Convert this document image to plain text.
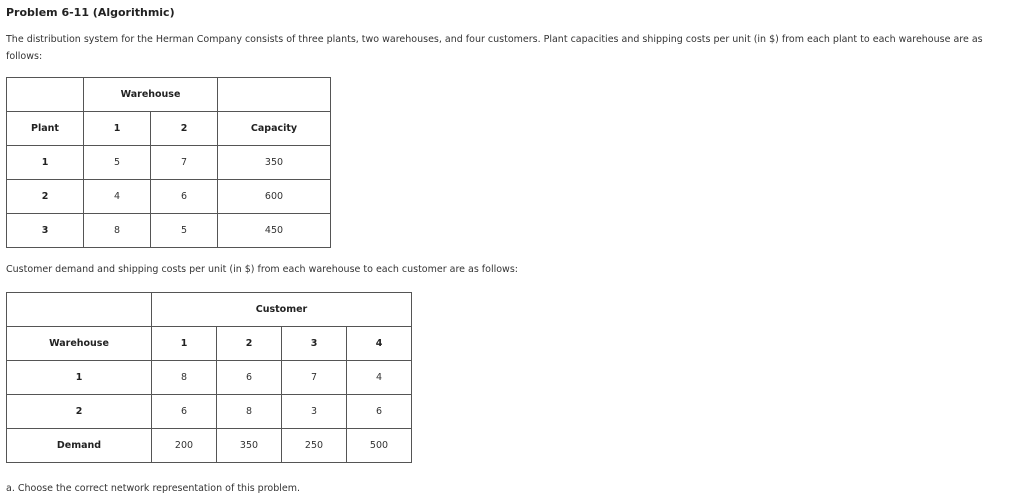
Problem 6-11 (Algorithmic)
The distribution system for the Herman Company consists of three plants, two warehouses, and four customers. Plant capacities and shipping costs per unit (in $) from each plant to each warehouse are as follows:
	Warehouse		
Plant	1	2	Capacity
1	5	7	350
2	4	6	600
3	8	5	450
Customer demand and shipping costs per unit (in $) from each warehouse to each customer are as follows:
	Customer			
Warehouse	1	2	3	4
1	8	6	7	4
2	6	8	3	6
Demand	200	350	250	500
a. Choose the correct network representation of this problem.
